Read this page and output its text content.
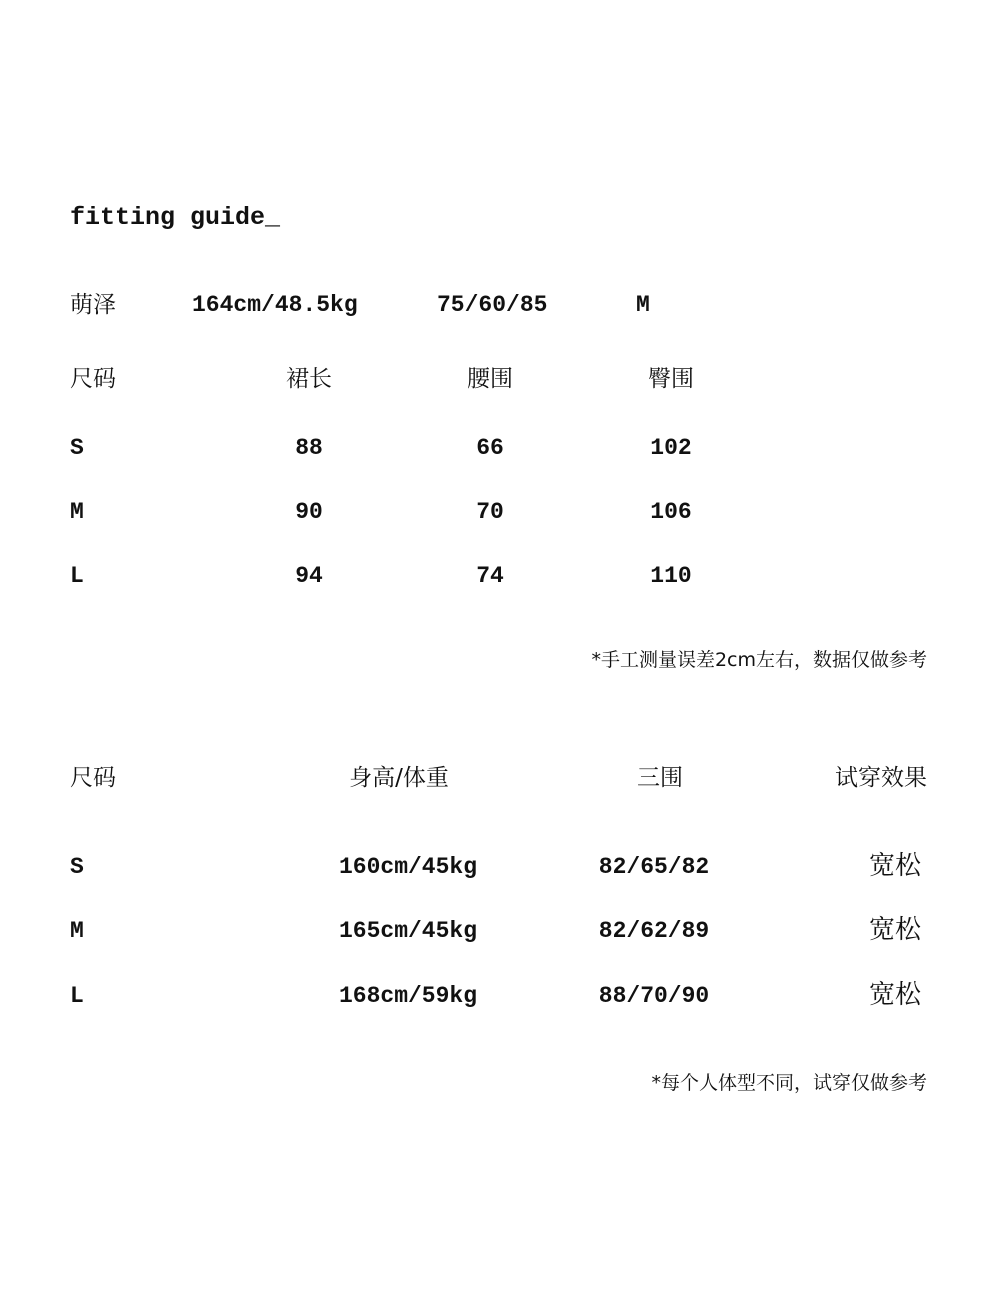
fitting guide_
萌泽	164cm/48.5kg	75/60/85	M
尺码	裙长	腰围	臀围
S	88	66	102
M	90	70	106
L	94	74	110
*手工测量误差2cm左右，数据仅做参考
尺码	身高/体重	三围	试穿效果
S	160cm/45kg	82/65/82	宽松
M	165cm/45kg	82/62/89	宽松
L	168cm/59kg	88/70/90	宽松
*每个人体型不同，试穿仅做参考
